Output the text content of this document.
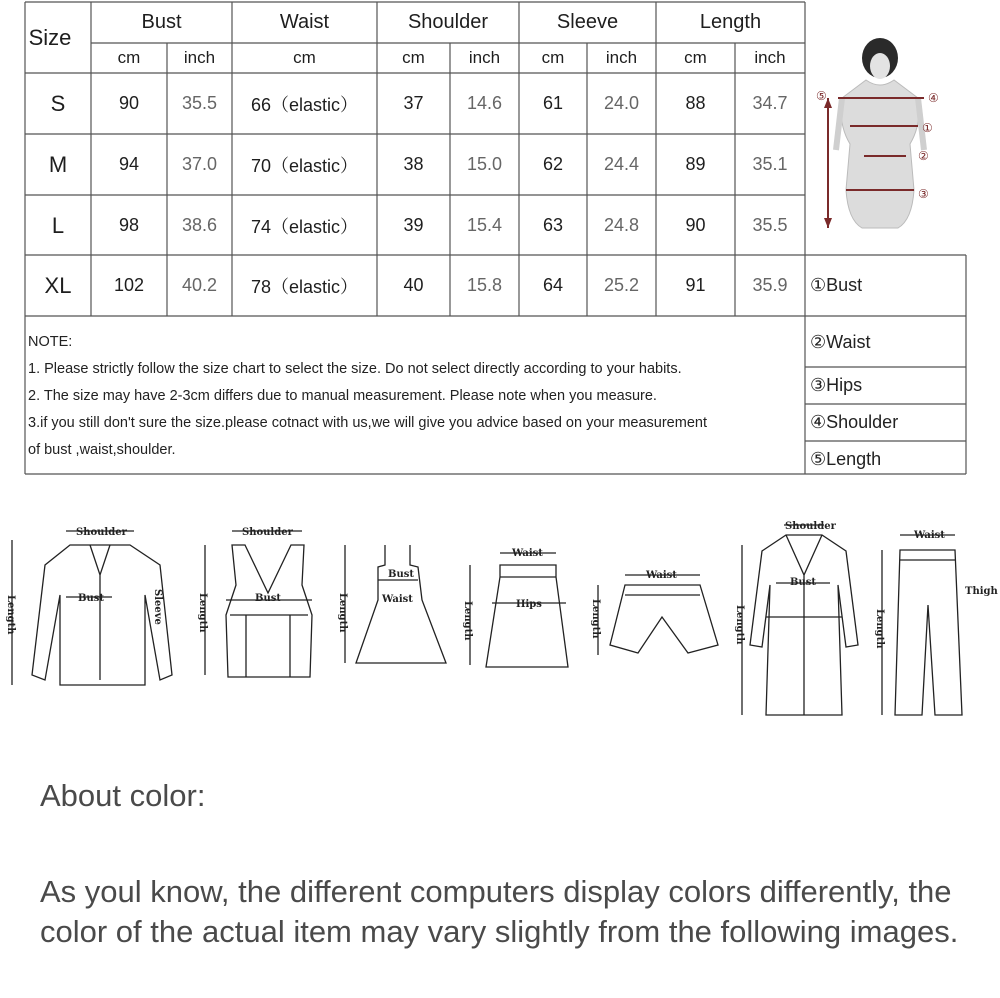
Size
Bust	Waist	Shoulder	Sleeve	Length
cm	inch	cm	cm	inch	cm	inch	cm	inch
S	90	35.5	66（elastic）	37	14.6	61	24.0	88	34.7
M	94	37.0	70（elastic）	38	15.0	62	24.4	89	35.1
L	98	38.6	74（elastic）	39	15.4	63	24.8	90	35.5
XL	102	40.2	78（elastic）	40	15.8	64	25.2	91	35.9
⑤	④
①
②
③
①Bust
②Waist
③Hips
④Shoulder
⑤Length
NOTE:
1. Please strictly follow the size chart to select the size. Do not select directly according to your habits.
2. The size may have 2-3cm differs due to manual measurement. Please note when you measure.
3.if you still don't sure the size.please cotnact with us,we will give you advice based on your measurement
of bust ,waist,shoulder.
Shoulder
Bust	Sleeve
Length
Shoulder
Bust
Length
Bust
Waist
Length
Waist
Hips
Length
Waist
Length
Shoulder
Bust
Length
Waist
Thigh
Length
About color:
As youl know, the different computers display colors differently, the color of the actual item may vary slightly from the following images.
